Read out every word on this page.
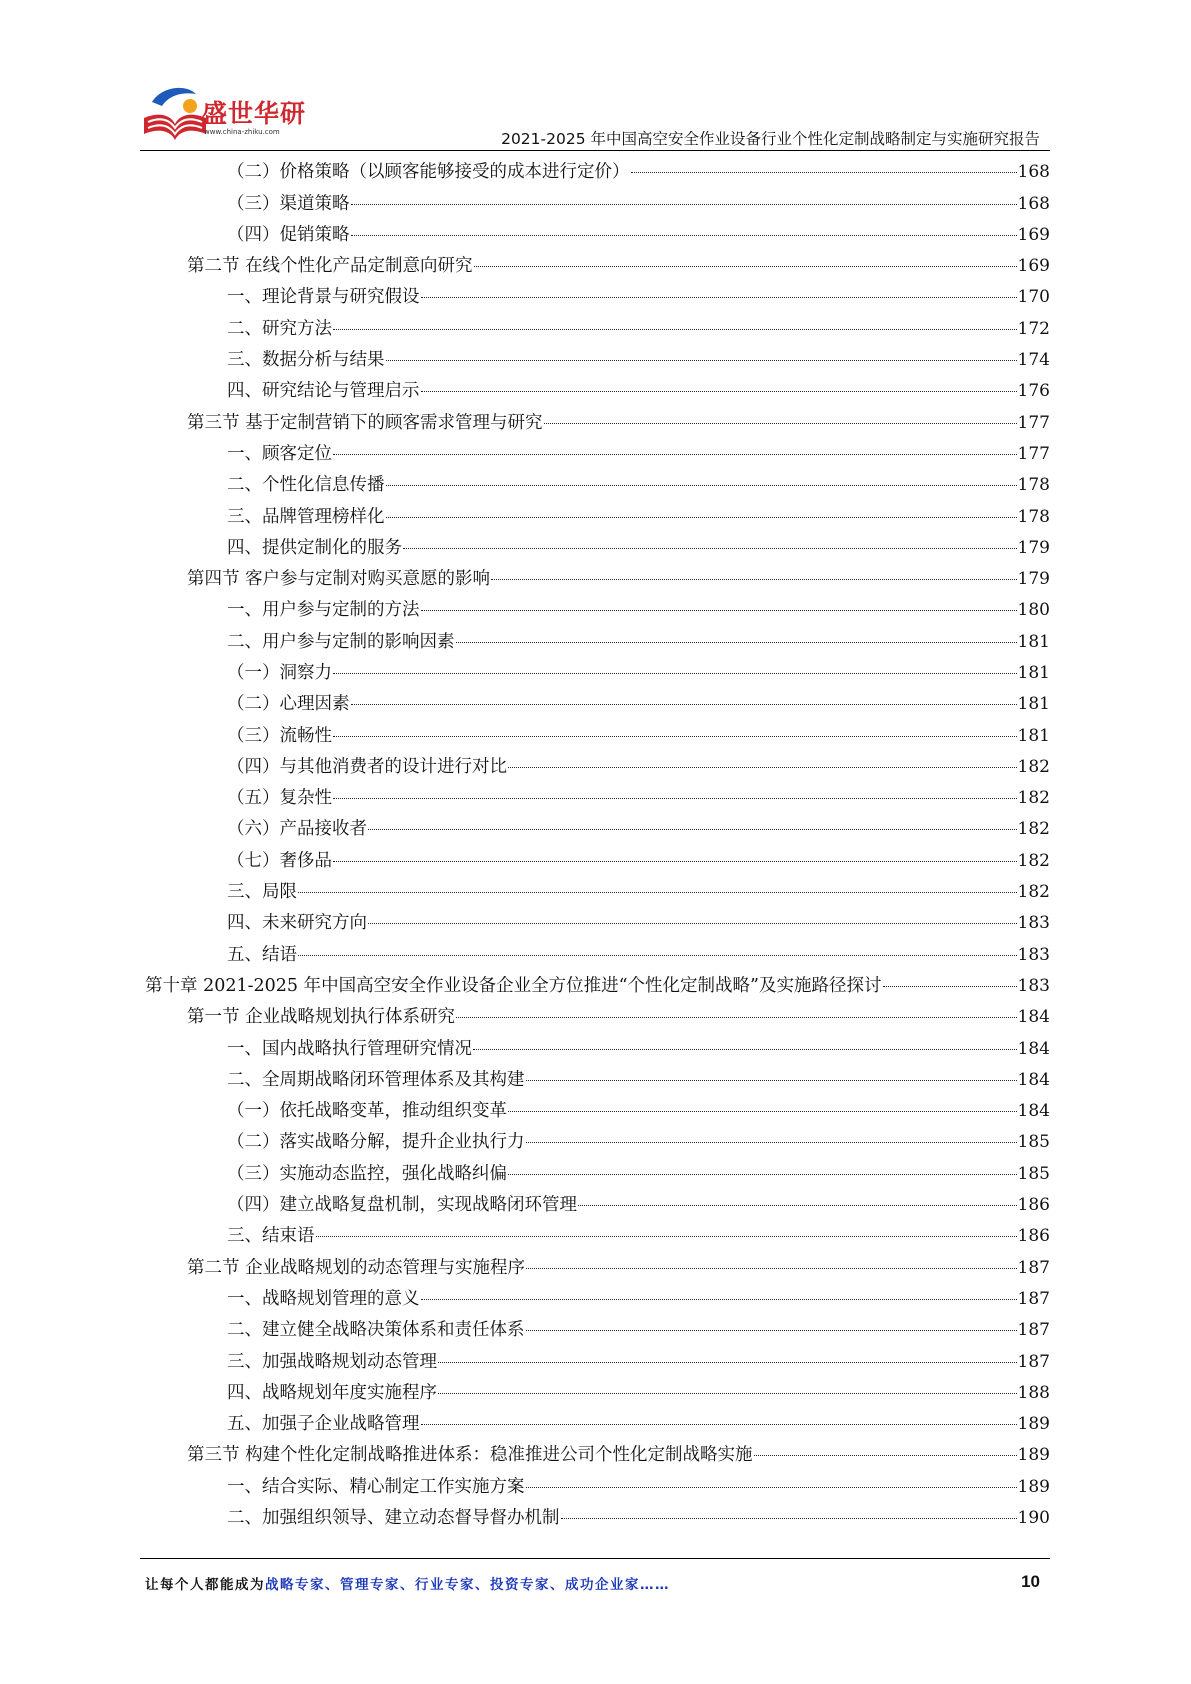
盛世华研
www.china-zhiku.com	2021-2025 年中国高空安全作业设备行业个性化定制战略制定与实施研究报告
（二）价格策略（以顾客能够接受的成本进行定价）	168
（三）渠道策略	168
（四）促销策略	169
第二节 在线个性化产品定制意向研究	169
一、理论背景与研究假设	170
二、研究方法	172
三、数据分析与结果	174
四、研究结论与管理启示	176
第三节 基于定制营销下的顾客需求管理与研究	177
一、顾客定位	177
二、个性化信息传播	178
三、品牌管理榜样化	178
四、提供定制化的服务	179
第四节 客户参与定制对购买意愿的影响	179
一、用户参与定制的方法	180
二、用户参与定制的影响因素	181
（一）洞察力	181
（二）心理因素	181
（三）流畅性	181
（四）与其他消费者的设计进行对比	182
（五）复杂性	182
（六）产品接收者	182
（七）奢侈品	182
三、局限	182
四、未来研究方向	183
五、结语	183
第十章 2021-2025 年中国高空安全作业设备企业全方位推进“个性化定制战略”及实施路径探讨	183
第一节 企业战略规划执行体系研究	184
一、国内战略执行管理研究情况	184
二、全周期战略闭环管理体系及其构建	184
（一）依托战略变革，推动组织变革	184
（二）落实战略分解，提升企业执行力	185
（三）实施动态监控，强化战略纠偏	185
（四）建立战略复盘机制，实现战略闭环管理	186
三、结束语	186
第二节 企业战略规划的动态管理与实施程序	187
一、战略规划管理的意义	187
二、建立健全战略决策体系和责任体系	187
三、加强战略规划动态管理	187
四、战略规划年度实施程序	188
五、加强子企业战略管理	189
第三节 构建个性化定制战略推进体系：稳准推进公司个性化定制战略实施	189
一、结合实际、精心制定工作实施方案	189
二、加强组织领导、建立动态督导督办机制	190
让每个人都能成为战略专家、管理专家、行业专家、投资专家、成功企业家……	10
